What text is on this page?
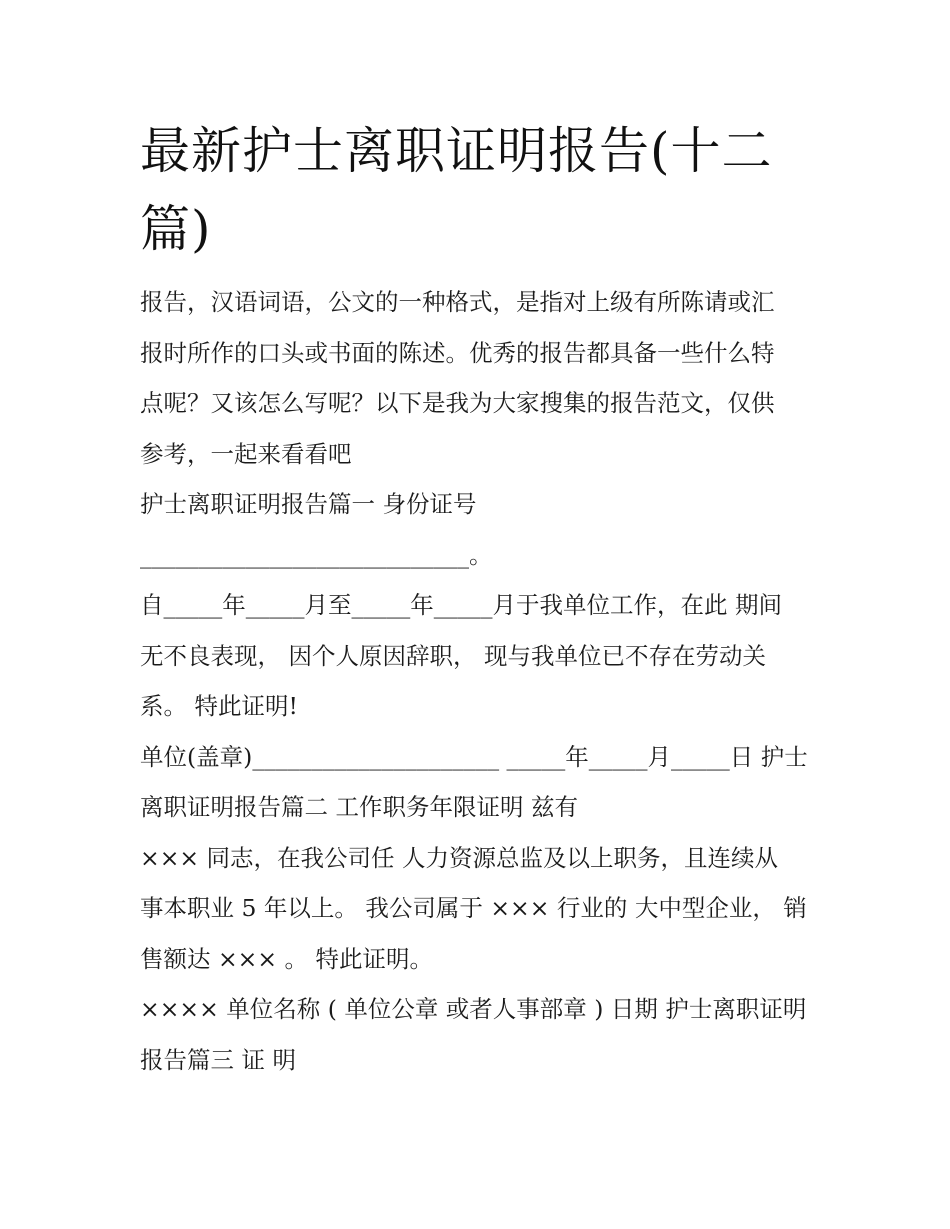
最新护士离职证明报告(十二
篇)
报告，汉语词语，公文的一种格式，是指对上级有所陈请或汇
报时所作的口头或书面的陈述。优秀的报告都具备一些什么特
点呢？又该怎么写呢？以下是我为大家搜集的报告范文，仅供
参考，一起来看看吧
护士离职证明报告篇一 身份证号
____________________________。
自_____年_____月至_____年_____月于我单位工作，在此 期间
无不良表现， 因个人原因辞职， 现与我单位已不存在劳动关
系。 特此证明!
单位(盖章)_____________________ _____年_____月_____日 护士
离职证明报告篇二 工作职务年限证明 兹有
××× 同志，在我公司任 人力资源总监及以上职务，且连续从
事本职业 5 年以上。 我公司属于 ××× 行业的 大中型企业， 销
售额达 ××× 。 特此证明。
×××× 单位名称 ( 单位公章 或者人事部章 ) 日期 护士离职证明
报告篇三 证 明
